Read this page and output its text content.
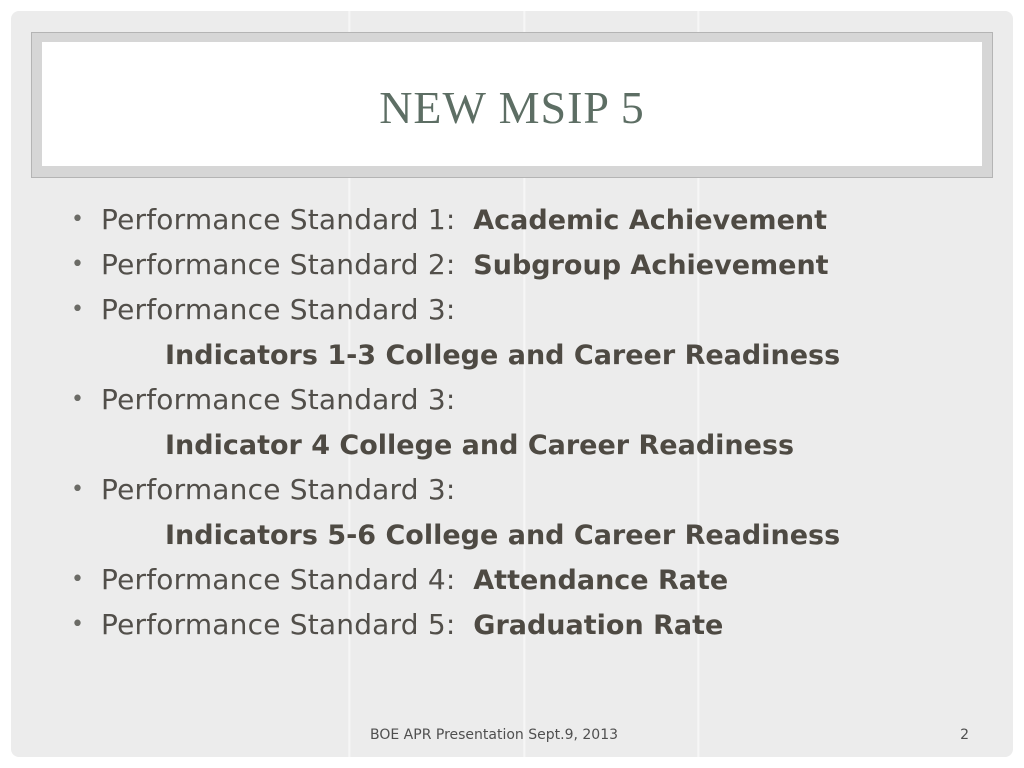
NEW MSIP 5
• Performance Standard 1: Academic Achievement
• Performance Standard 2: Subgroup Achievement
• Performance Standard 3:
Indicators 1-3 College and Career Readiness
• Performance Standard 3:
Indicator 4 College and Career Readiness
• Performance Standard 3:
Indicators 5-6 College and Career Readiness
• Performance Standard 4: Attendance Rate
• Performance Standard 5: Graduation Rate
BOE APR Presentation Sept.9, 2013	2
